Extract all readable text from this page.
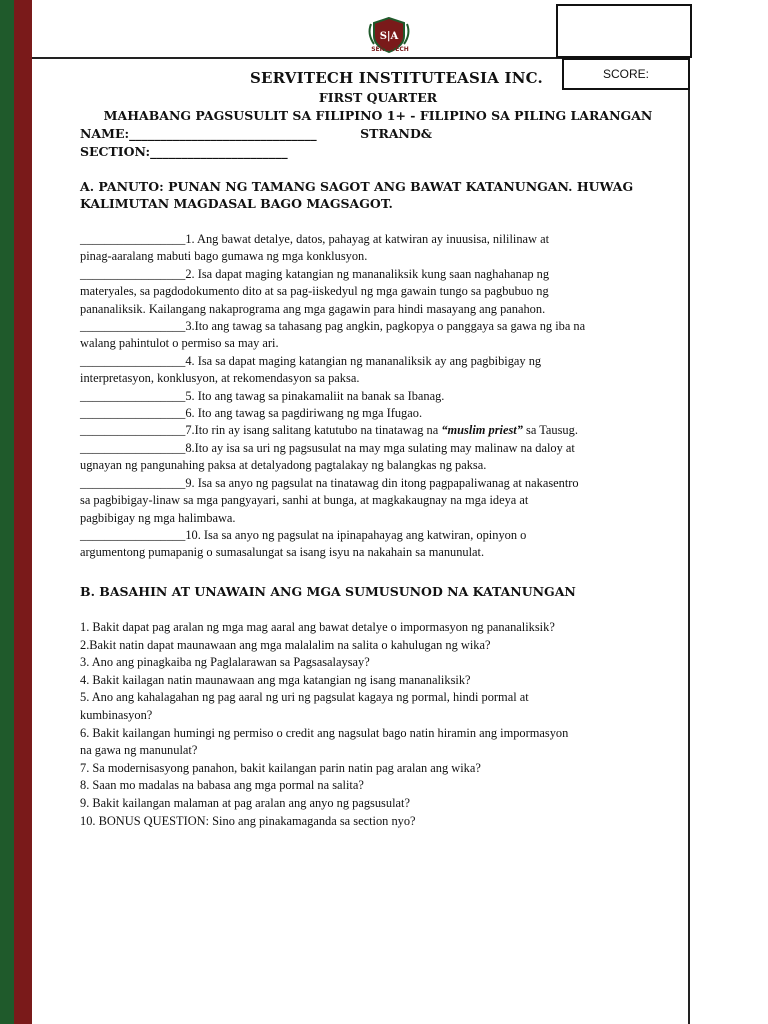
SCORE:
S|A
SERVITECH
SERVITECH INSTITUTEASIA INC.
FIRST QUARTER
MAHABANG PAGSUSULIT SA FILIPINO 1+ - FILIPINO SA PILING LARANGAN
NAME:______________________________          STRAND&
SECTION:______________________
A. PANUTO: PUNAN NG TAMANG SAGOT ANG BAWAT KATANUNGAN. HUWAG
KALIMUTAN MAGDASAL BAGO MAGSAGOT.
_________________1. Ang bawat detalye, datos, pahayag at katwiran ay inuusisa, nililinaw at
pinag-aaralang mabuti bago gumawa ng mga konklusyon.
_________________2. Isa dapat maging katangian ng mananaliksik kung saan naghahanap ng
materyales, sa pagdodokumento dito at sa pag-iiskedyul ng mga gawain tungo sa pagbubuo ng
pananaliksik. Kailangang nakaprograma ang mga gagawin para hindi masayang ang panahon.
_________________3.Ito ang tawag sa tahasang pag angkin, pagkopya o panggaya sa gawa ng iba na
walang pahintulot o permiso sa may ari.
_________________4. Isa sa dapat maging katangian ng mananaliksik ay ang pagbibigay ng
interpretasyon, konklusyon, at rekomendasyon sa paksa.
_________________5. Ito ang tawag sa pinakamaliit na banak sa Ibanag.
_________________6. Ito ang tawag sa pagdiriwang ng mga Ifugao.
_________________7.Ito rin ay isang salitang katutubo na tinatawag na “muslim priest” sa Tausug.
_________________8.Ito ay isa sa uri ng pagsusulat na may mga sulating may malinaw na daloy at
ugnayan ng pangunahing paksa at detalyadong pagtalakay ng balangkas ng paksa.
_________________9. Isa sa anyo ng pagsulat na tinatawag din itong pagpapaliwanag at nakasentro
sa pagbibigay-linaw sa mga pangyayari, sanhi at bunga, at magkakaugnay na mga ideya at
pagbibigay ng mga halimbawa.
_________________10. Isa sa anyo ng pagsulat na ipinapahayag ang katwiran, opinyon o
argumentong pumapanig o sumasalungat sa isang isyu na nakahain sa manunulat.
B. BASAHIN AT UNAWAIN ANG MGA SUMUSUNOD NA KATANUNGAN
1. Bakit dapat pag aralan ng mga mag aaral ang bawat detalye o impormasyon ng pananaliksik?
2.Bakit natin dapat maunawaan ang mga malalalim na salita o kahulugan ng wika?
3. Ano ang pinagkaiba ng Paglalarawan sa Pagsasalaysay?
4. Bakit kailagan natin maunawaan ang mga katangian ng isang mananaliksik?
5. Ano ang kahalagahan ng pag aaral ng uri ng pagsulat kagaya ng pormal, hindi pormal at
kumbinasyon?
6. Bakit kailangan humingi ng permiso o credit ang nagsulat bago natin hiramin ang impormasyon
na gawa ng manunulat?
7. Sa modernisasyong panahon, bakit kailangan parin natin pag aralan ang wika?
8. Saan mo madalas na babasa ang mga pormal na salita?
9. Bakit kailangan malaman at pag aralan ang anyo ng pagsusulat?
10. BONUS QUESTION: Sino ang pinakamaganda sa section nyo?
